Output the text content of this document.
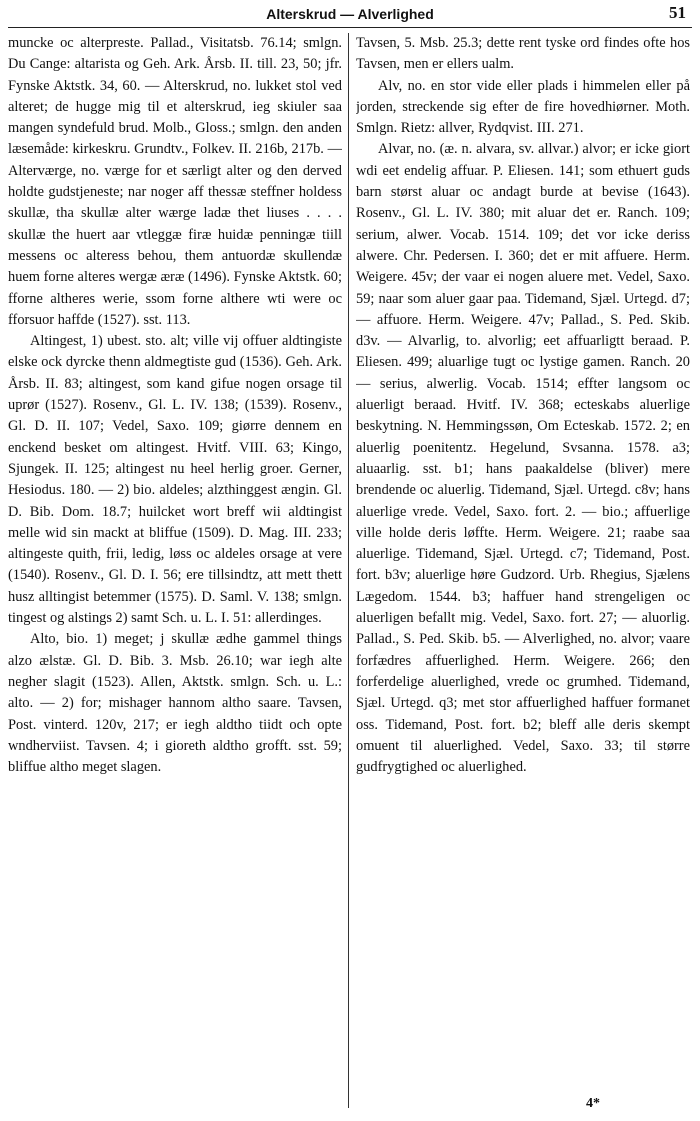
Alterskrud — Alverlighed	51

muncke oc alterpreste. Pallad., Visitatsb. 76.14; smlgn. Du Cange: altarista og Geh. Ark. Årsb. II. till. 23, 50; jfr. Fynske Aktstk. 34, 60. — Alterskrud, no. lukket stol ved alteret; de hugge mig til et alterskrud, ieg skiuler saa mangen syndefuld brud. Molb., Gloss.; smlgn. den anden læsemåde: kirkeskru. Grundtv., Folkev. II. 216b, 217b. — Alterværge, no. værge for et særligt alter og den derved holdte gudstjeneste; nar noger aff thessæ steffner holdess skullæ, tha skullæ alter wærge ladæ thet liuses . . . . skullæ the huert aar vtleggæ firæ huidæ penningæ tiill messens oc alteress behou, them antuordæ skullendæ huem forne alteres wergæ æræ (1496). Fynske Aktstk. 60; fforne altheres werie, ssom forne althere wti were oc fforsuor haffde (1527). sst. 113.

Altingest, 1) ubest. sto. alt; ville vij offuer aldtingiste elske ock dyrcke thenn aldmegtiste gud (1536). Geh. Ark. Årsb. II. 83; altingest, som kand gifue nogen orsage til uprør (1527). Rosenv., Gl. L. IV. 138; (1539). Rosenv., Gl. D. II. 107; Vedel, Saxo. 109; giørre dennem en enckend besket om altingest. Hvitf. VIII. 63; Kingo, Sjungek. II. 125; altingest nu heel herlig groer. Gerner, Hesiodus. 180. — 2) bio. aldeles; alzthinggest ængin. Gl. D. Bib. Dom. 18.7; huilcket wort breff wii aldtingist melle wid sin mackt at bliffue (1509). D. Mag. III. 233; altingeste quith, frii, ledig, løss oc aldeles orsage at vere (1540). Rosenv., Gl. D. I. 56; ere tillsindtz, att mett thett husz alltingist betemmer (1575). D. Saml. V. 138; smlgn. tingest og alstings 2) samt Sch. u. L. I. 51: allerdinges.

Alto, bio. 1) meget; j skullæ ædhe gammel things alzo ælstæ. Gl. D. Bib. 3. Msb. 26.10; war iegh alte negher slagit (1523). Allen, Aktstk. smlgn. Sch. u. L.: alto. — 2) for; mishager hannom altho saare. Tavsen, Post. vinterd. 120v, 217; er iegh aldtho tiidt och opte wndherviist. Tavsen. 4; i gioreth aldtho grofft. sst. 59; bliffue altho meget slagen.

Tavsen, 5. Msb. 25.3; dette rent tyske ord findes ofte hos Tavsen, men er ellers ualm.

Alv, no. en stor vide eller plads i himmelen eller på jorden, streckende sig efter de fire hovedhiørner. Moth. Smlgn. Rietz: allver, Rydqvist. III. 271.

Alvar, no. (æ. n. alvara, sv. allvar.) alvor; er icke giort wdi eet endelig affuar. P. Eliesen. 141; som ethuert guds barn størst aluar oc andagt burde at bevise (1643). Rosenv., Gl. L. IV. 380; mit aluar det er. Ranch. 109; serium, alwer. Vocab. 1514. 109; det vor icke deriss alwere. Chr. Pedersen. I. 360; det er mit affuere. Herm. Weigere. 45v; der vaar ei nogen aluere met. Vedel, Saxo. 59; naar som aluer gaar paa. Tidemand, Sjæl. Urtegd. d7; — affuore. Herm. Weigere. 47v; Pallad., S. Ped. Skib. d3v. — Alvarlig, to. alvorlig; eet affuarligtt beraad. P. Eliesen. 499; aluarlige tugt oc lystige gamen. Ranch. 20 — serius, alwerlig. Vocab. 1514; effter langsom oc aluerligt beraad. Hvitf. IV. 368; ecteskabs aluerlige beskytning. N. Hemmingssøn, Om Ecteskab. 1572. 2; en aluerlig poenitentz. Hegelund, Svsanna. 1578. a3; aluaarlig. sst. b1; hans paakaldelse (bliver) mere brendende oc aluerlig. Tidemand, Sjæl. Urtegd. c8v; hans aluerlige vrede. Vedel, Saxo. fort. 2. — bio.; affuerlige ville holde deris løffte. Herm. Weigere. 21; raabe saa aluerlige. Tidemand, Sjæl. Urtegd. c7; Tidemand, Post. fort. b3v; aluerlige høre Gudzord. Urb. Rhegius, Sjælens Lægedom. 1544. b3; haffuer hand strengeligen oc aluerligen befallt mig. Vedel, Saxo. fort. 27; — aluorlig. Pallad., S. Ped. Skib. b5. — Alverlighed, no. alvor; vaare forfædres affuerlighed. Herm. Weigere. 266; den forferdelige aluerlighed, vrede oc grumhed. Tidemand, Sjæl. Urtegd. q3; met stor affuerlighed haffuer formanet oss. Tidemand, Post. fort. b2; bleff alle deris skempt omuent til aluerlighed. Vedel, Saxo. 33; til større gudfrygtighed oc aluerlighed.

4*
